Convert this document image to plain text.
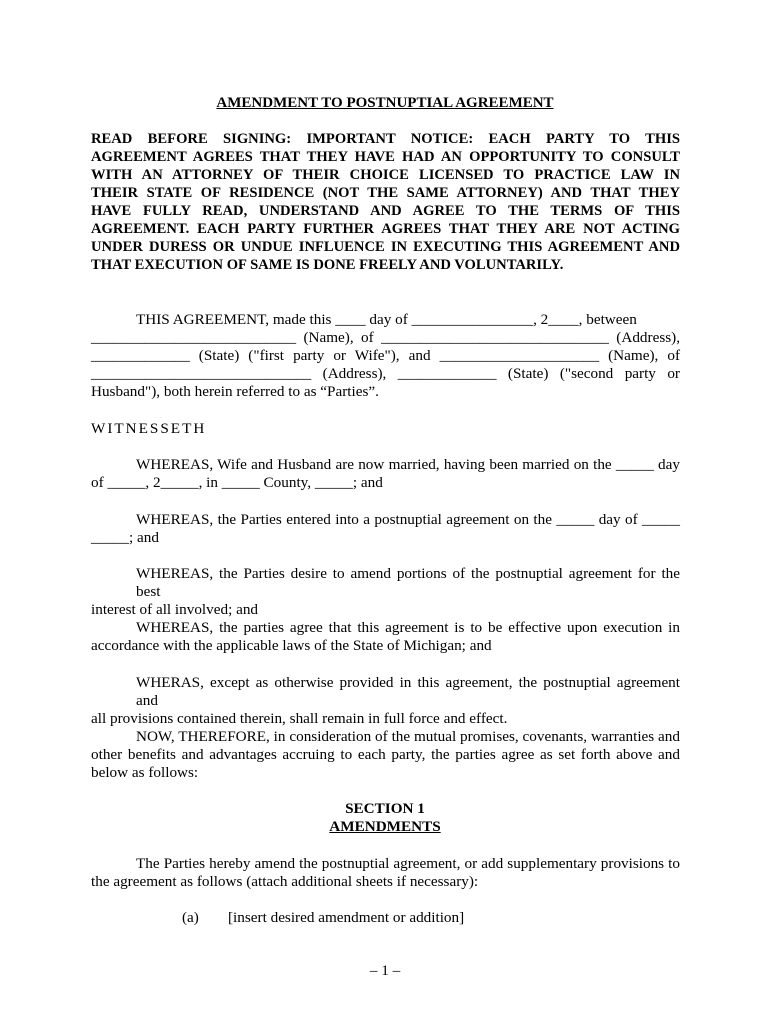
AMENDMENT TO POSTNUPTIAL AGREEMENT
READ BEFORE SIGNING: IMPORTANT NOTICE: EACH PARTY TO THIS
AGREEMENT AGREES THAT THEY HAVE HAD AN OPPORTUNITY TO CONSULT
WITH AN ATTORNEY OF THEIR CHOICE LICENSED TO PRACTICE LAW IN
THEIR STATE OF RESIDENCE (NOT THE SAME ATTORNEY) AND THAT THEY
HAVE FULLY READ, UNDERSTAND AND AGREE TO THE TERMS OF THIS
AGREEMENT. EACH PARTY FURTHER AGREES THAT THEY ARE NOT ACTING
UNDER DURESS OR UNDUE INFLUENCE IN EXECUTING THIS AGREEMENT AND
THAT EXECUTION OF SAME IS DONE FREELY AND VOLUNTARILY.
THIS AGREEMENT, made this ____ day of ________________, 2____, between
___________________________ (Name), of ______________________________ (Address),
_____________ (State) ("first party or Wife"), and _____________________ (Name), of
_____________________________ (Address), _____________ (State) ("second party or
Husband"), both herein referred to as “Parties”.
WITNESSETH
WHEREAS, Wife and Husband are now married, having been married on the _____ day
of _____, 2_____, in _____ County, _____; and
WHEREAS, the Parties entered into a postnuptial agreement on the _____ day of _____
_____; and
WHEREAS, the Parties desire to amend portions of the postnuptial agreement for the best
interest of all involved; and
WHEREAS, the parties agree that this agreement is to be effective upon execution in
accordance with the applicable laws of the State of Michigan; and
WHERAS, except as otherwise provided in this agreement, the postnuptial agreement and
all provisions contained therein, shall remain in full force and effect.
NOW, THEREFORE, in consideration of the mutual promises, covenants, warranties and
other benefits and advantages accruing to each party, the parties agree as set forth above and
below as follows:
SECTION 1
AMENDMENTS
The Parties hereby amend the postnuptial agreement, or add supplementary provisions to
the agreement as follows (attach additional sheets if necessary):
(a) [insert desired amendment or addition]
– 1 –
